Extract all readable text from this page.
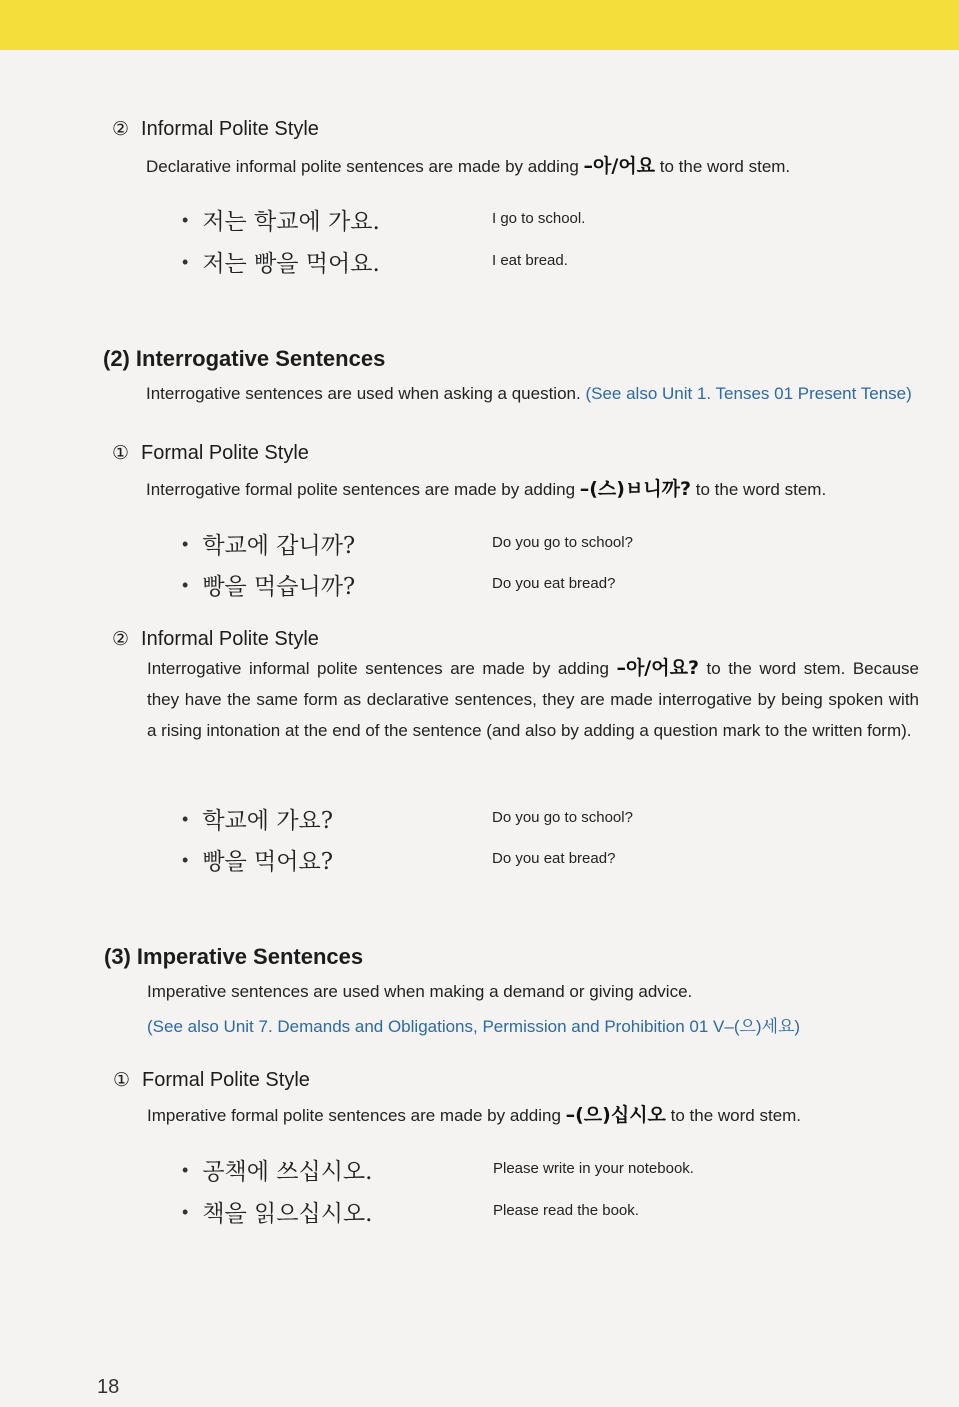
② Informal Polite Style
Declarative informal polite sentences are made by adding –아/어요 to the word stem.
• 저는 학교에 가요.	I go to school.
• 저는 빵을 먹어요.	I eat bread.
(2) Interrogative Sentences
Interrogative sentences are used when asking a question. (See also Unit 1. Tenses 01 Present Tense)
① Formal Polite Style
Interrogative formal polite sentences are made by adding –(스)ㅂ니까? to the word stem.
• 학교에 갑니까?	Do you go to school?
• 빵을 먹습니까?	Do you eat bread?
② Informal Polite Style
Interrogative informal polite sentences are made by adding –아/어요? to the word stem. Because they have the same form as declarative sentences, they are made interrogative by being spoken with a rising intonation at the end of the sentence (and also by adding a question mark to the written form).
• 학교에 가요?	Do you go to school?
• 빵을 먹어요?	Do you eat bread?
(3) Imperative Sentences
Imperative sentences are used when making a demand or giving advice.
(See also Unit 7. Demands and Obligations, Permission and Prohibition 01 V–(으)세요)
① Formal Polite Style
Imperative formal polite sentences are made by adding –(으)십시오 to the word stem.
• 공책에 쓰십시오.	Please write in your notebook.
• 책을 읽으십시오.	Please read the book.
18
